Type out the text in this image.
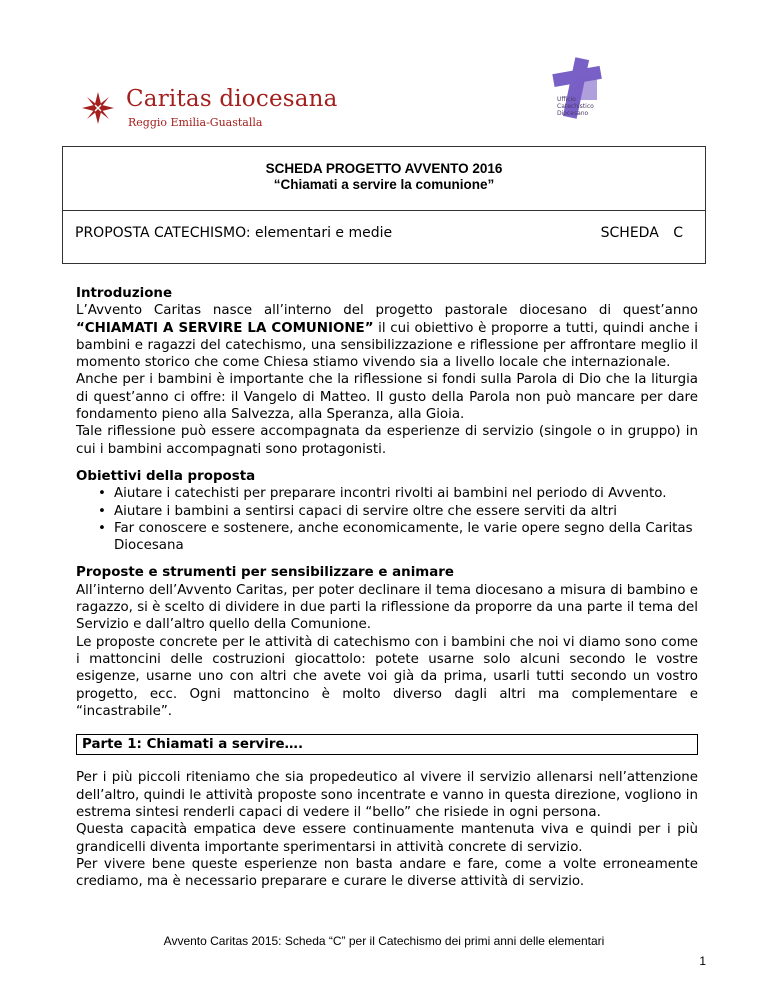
Caritas diocesana
Reggio Emilia-Guastalla
Ufficio Catechistico Diocesano
SCHEDA PROGETTO AVVENTO 2016
“Chiamati a servire la comunione”
PROPOSTA CATECHISMO: elementari e medie	SCHEDA C
Introduzione

L’Avvento Caritas nasce all’interno del progetto pastorale diocesano di quest’anno “CHIAMATI A SERVIRE LA COMUNIONE” il cui obiettivo è proporre a tutti, quindi anche i bambini e ragazzi del catechismo, una sensibilizzazione e riflessione per affrontare meglio il momento storico che come Chiesa stiamo vivendo sia a livello locale che internazionale.

Anche per i bambini è importante che la riflessione si fondi sulla Parola di Dio che la liturgia di quest’anno ci offre: il Vangelo di Matteo. Il gusto della Parola non può mancare per dare fondamento pieno alla Salvezza, alla Speranza, alla Gioia.

Tale riflessione può essere accompagnata da esperienze di servizio (singole o in gruppo) in cui i bambini accompagnati sono protagonisti.

Obiettivi della proposta
• Aiutare i catechisti per preparare incontri rivolti ai bambini nel periodo di Avvento.
• Aiutare i bambini a sentirsi capaci di servire oltre che essere serviti da altri
• Far conoscere e sostenere, anche economicamente, le varie opere segno della Caritas Diocesana
Proposte e strumenti per sensibilizzare e animare

All’interno dell’Avvento Caritas, per poter declinare il tema diocesano a misura di bambino e ragazzo, si è scelto di dividere in due parti la riflessione da proporre da una parte il tema del Servizio e dall’altro quello della Comunione.

Le proposte concrete per le attività di catechismo con i bambini che noi vi diamo sono come i mattoncini delle costruzioni giocattolo: potete usarne solo alcuni secondo le vostre esigenze, usarne uno con altri che avete voi già da prima, usarli tutti secondo un vostro progetto, ecc. Ogni mattoncino è molto diverso dagli altri ma complementare e “incastrabile”.

Parte 1: Chiamati a servire….

Per i più piccoli riteniamo che sia propedeutico al vivere il servizio allenarsi nell’attenzione dell’altro, quindi le attività proposte sono incentrate e vanno in questa direzione, vogliono in estrema sintesi renderli capaci di vedere il “bello” che risiede in ogni persona.

Questa capacità empatica deve essere continuamente mantenuta viva e quindi per i più grandicelli diventa importante sperimentarsi in attività concrete di servizio.

Per vivere bene queste esperienze non basta andare e fare, come a volte erroneamente crediamo, ma è necessario preparare e curare le diverse attività di servizio.

Avvento Caritas 2015: Scheda “C” per il Catechismo dei primi anni delle elementari
1
